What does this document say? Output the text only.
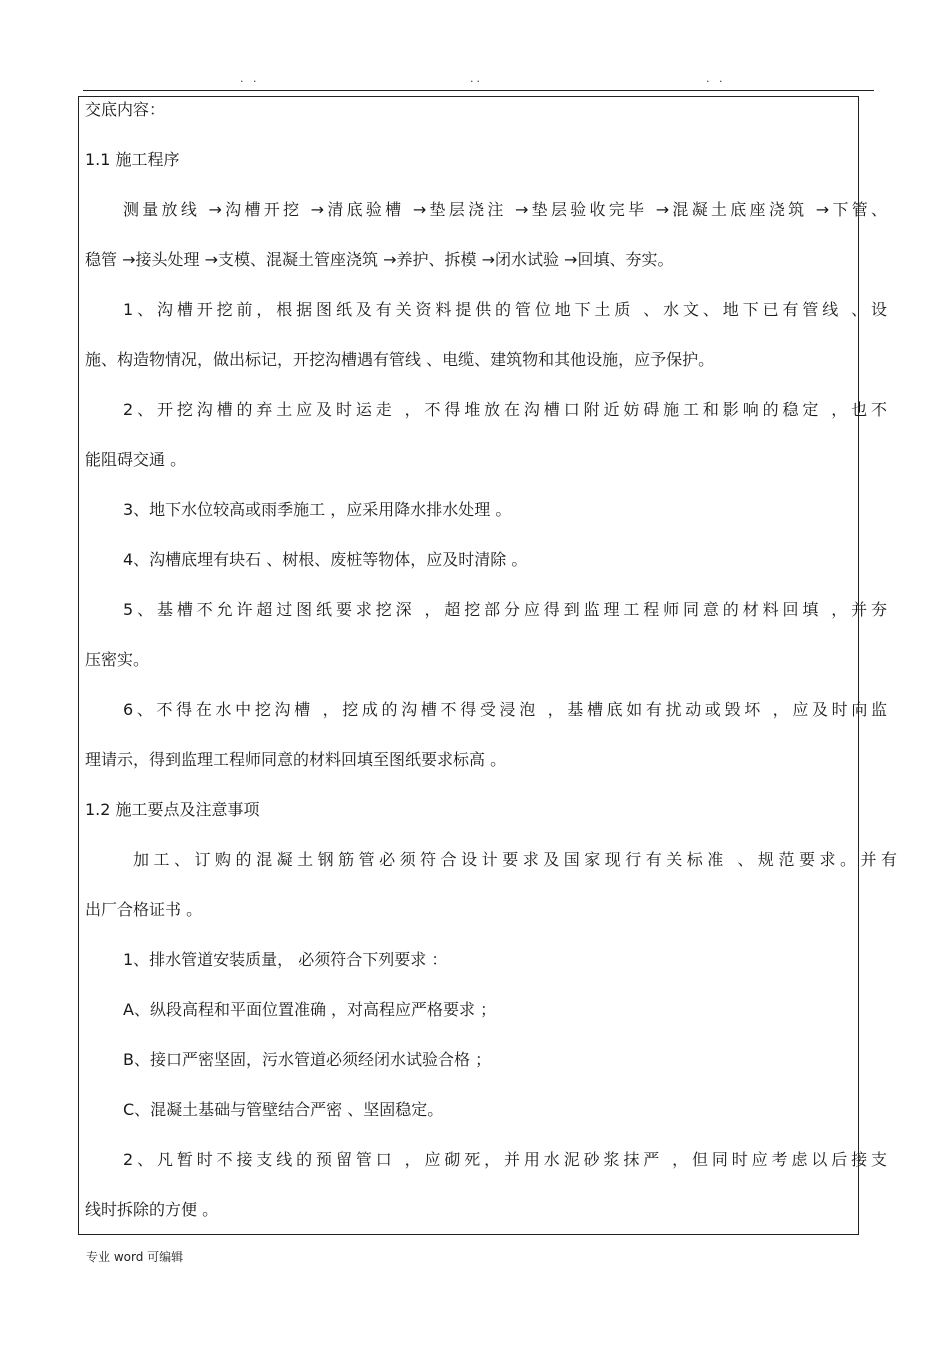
. .	..	. .
交底内容：
1.1 施工程序
测量放线 →沟槽开挖 →清底验槽 →垫层浇注 →垫层验收完毕 →混凝土底座浇筑 →下管、
稳管 →接头处理 →支模、混凝土管座浇筑 →养护、拆模 →闭水试验 →回填、夯实。
1、沟槽开挖前，根据图纸及有关资料提供的管位地下土质 、水文、地下已有管线 、设
施、构造物情况，做出标记，开挖沟槽遇有管线 、电缆、建筑物和其他设施，应予保护。
2、开挖沟槽的弃土应及时运走 ，不得堆放在沟槽口附近妨碍施工和影响的稳定 ，也不
能阻碍交通 。
3、地下水位较高或雨季施工 ，应采用降水排水处理 。
4、沟槽底埋有块石 、树根、废桩等物体，应及时清除 。
5、基槽不允许超过图纸要求挖深 ，超挖部分应得到监理工程师同意的材料回填 ，并夯
压密实。
6、不得在水中挖沟槽 ，挖成的沟槽不得受浸泡 ，基槽底如有扰动或毁坏 ，应及时向监
理请示，得到监理工程师同意的材料回填至图纸要求标高 。
1.2 施工要点及注意事项
加工、订购的混凝土钢筋管必须符合设计要求及国家现行有关标准 、规范要求。并有
出厂合格证书 。
1、排水管道安装质量， 必须符合下列要求 ：
A、纵段高程和平面位置准确 ，对高程应严格要求 ；
B、接口严密坚固，污水管道必须经闭水试验合格 ；
C、混凝土基础与管壁结合严密 、坚固稳定。
2、凡暂时不接支线的预留管口 ，应砌死，并用水泥砂浆抹严 ，但同时应考虑以后接支
线时拆除的方便 。
专业 word 可编辑
